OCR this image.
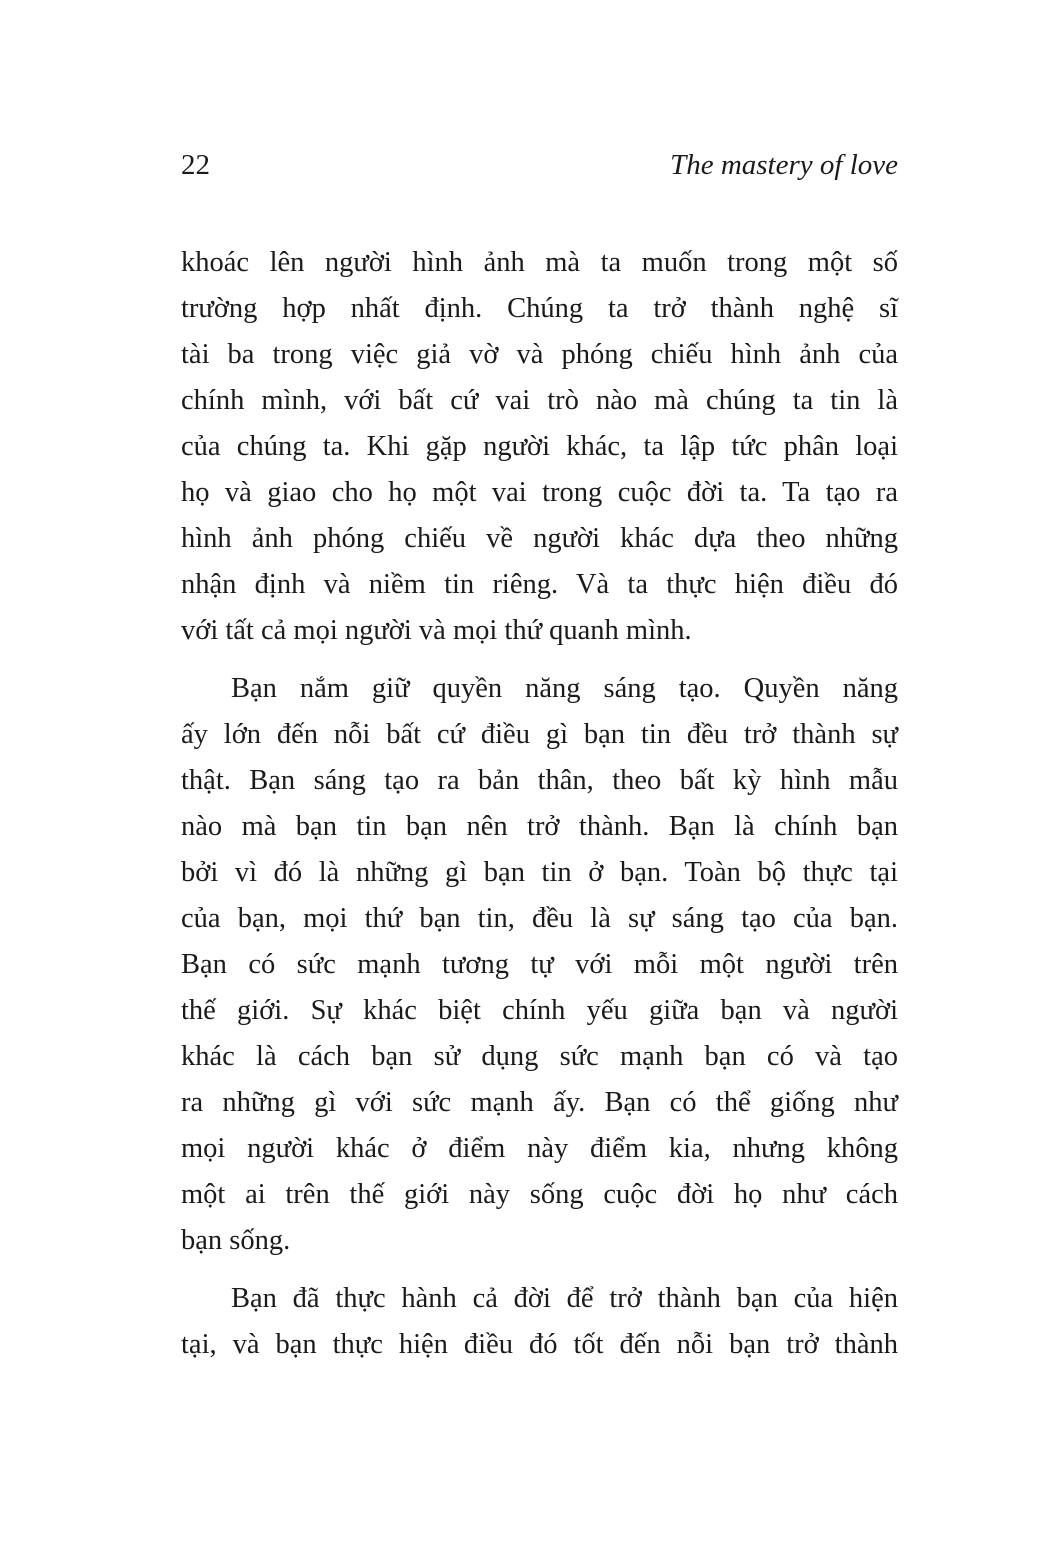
22	The mastery of love

khoác lên người hình ảnh mà ta muốn trong một số
trường hợp nhất định. Chúng ta trở thành nghệ sĩ
tài ba trong việc giả vờ và phóng chiếu hình ảnh của
chính mình, với bất cứ vai trò nào mà chúng ta tin là
của chúng ta. Khi gặp người khác, ta lập tức phân loại
họ và giao cho họ một vai trong cuộc đời ta. Ta tạo ra
hình ảnh phóng chiếu về người khác dựa theo những
nhận định và niềm tin riêng. Và ta thực hiện điều đó
với tất cả mọi người và mọi thứ quanh mình.

Bạn nắm giữ quyền năng sáng tạo. Quyền năng
ấy lớn đến nỗi bất cứ điều gì bạn tin đều trở thành sự
thật. Bạn sáng tạo ra bản thân, theo bất kỳ hình mẫu
nào mà bạn tin bạn nên trở thành. Bạn là chính bạn
bởi vì đó là những gì bạn tin ở bạn. Toàn bộ thực tại
của bạn, mọi thứ bạn tin, đều là sự sáng tạo của bạn.
Bạn có sức mạnh tương tự với mỗi một người trên
thế giới. Sự khác biệt chính yếu giữa bạn và người
khác là cách bạn sử dụng sức mạnh bạn có và tạo
ra những gì với sức mạnh ấy. Bạn có thể giống như
mọi người khác ở điểm này điểm kia, nhưng không
một ai trên thế giới này sống cuộc đời họ như cách
bạn sống.

Bạn đã thực hành cả đời để trở thành bạn của hiện
tại, và bạn thực hiện điều đó tốt đến nỗi bạn trở thành
